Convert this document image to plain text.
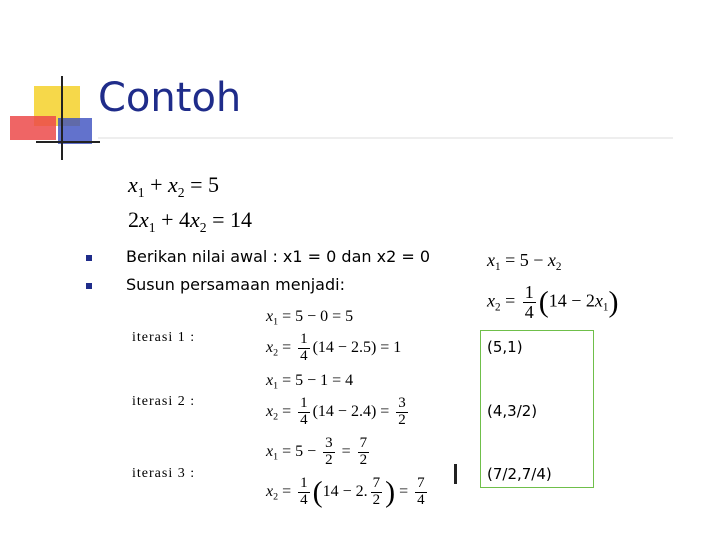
Contoh
$x_1 + x_2 = 5$
$2x_1 + 4x_2 = 14$
Berikan nilai awal : x1 = 0 dan x2 = 0
Susun persamaan menjadi:
$x_1 = 5 - x_2$
$x_2 = \frac{1}{4} (14 - 2x_1)$
iterasi 1 :
$x_1 = 5 - 0 = 5$
$x_2 = \frac{1}{4} (14 - 2.5) = 1$
iterasi 2 :
$x_1 = 5 - 1 = 4$
$x_2 = \frac{1}{4} (14 - 2.4) = \frac{3}{2}$
iterasi 3 :
$x_1 = 5 - \frac{3}{2} = \frac{7}{2}$
$x_2 = \frac{1}{4} (14 - 2$. $\frac{7}{2}$ ) = $\frac{7}{4}$
(5,1)
(4,3/2)
(7/2,7/4)
